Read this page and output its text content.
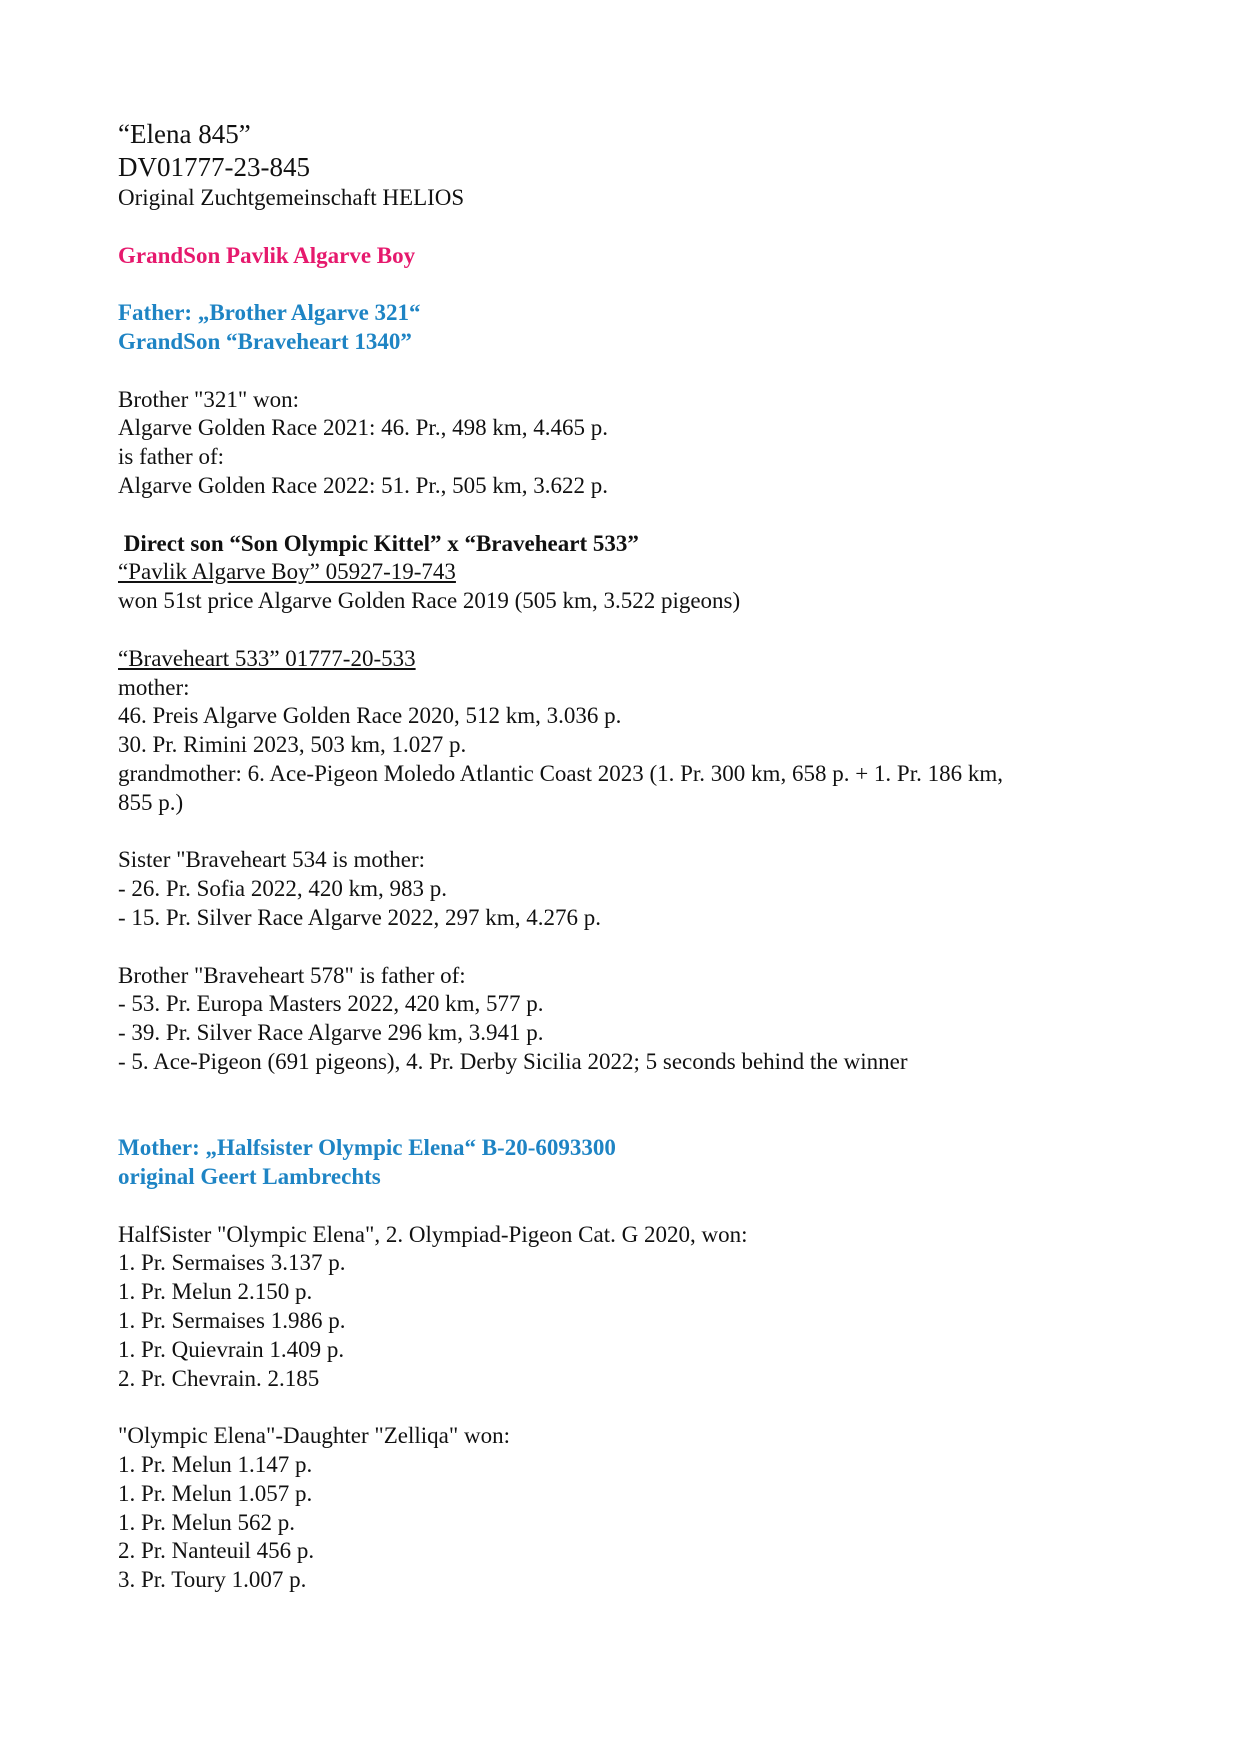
“Elena 845”

DV01777-23-845

Original Zuchtgemeinschaft HELIOS

GrandSon Pavlik Algarve Boy

Father: „Brother Algarve 321“

GrandSon “Braveheart 1340”

Brother "321" won:

Algarve Golden Race 2021: 46. Pr., 498 km, 4.465 p.

is father of:

Algarve Golden Race 2022: 51. Pr., 505 km, 3.622 p.

Direct son “Son Olympic Kittel” x “Braveheart 533”

“Pavlik Algarve Boy” 05927-19-743

won 51st price Algarve Golden Race 2019 (505 km, 3.522 pigeons)

“Braveheart 533” 01777-20-533

mother:

46. Preis Algarve Golden Race 2020, 512 km, 3.036 p.

30. Pr. Rimini 2023, 503 km, 1.027 p.

grandmother: 6. Ace-Pigeon Moledo Atlantic Coast 2023 (1. Pr. 300 km, 658 p. + 1. Pr. 186 km,

855 p.)

Sister "Braveheart 534 is mother:

- 26. Pr. Sofia 2022, 420 km, 983 p.

- 15. Pr. Silver Race Algarve 2022, 297 km, 4.276 p.

Brother "Braveheart 578" is father of:

- 53. Pr. Europa Masters 2022, 420 km, 577 p.

- 39. Pr. Silver Race Algarve 296 km, 3.941 p.

- 5. Ace-Pigeon (691 pigeons), 4. Pr. Derby Sicilia 2022; 5 seconds behind the winner

Mother: „Halfsister Olympic Elena“ B-20-6093300

original Geert Lambrechts

HalfSister "Olympic Elena", 2. Olympiad-Pigeon Cat. G 2020, won:

1. Pr. Sermaises 3.137 p.

1. Pr. Melun 2.150 p.

1. Pr. Sermaises 1.986 p.

1. Pr. Quievrain 1.409 p.

2. Pr. Chevrain. 2.185

"Olympic Elena"-Daughter "Zelliqa" won:

1. Pr. Melun 1.147 p.

1. Pr. Melun 1.057 p.

1. Pr. Melun 562 p.

2. Pr. Nanteuil 456 p.

3. Pr. Toury 1.007 p.
